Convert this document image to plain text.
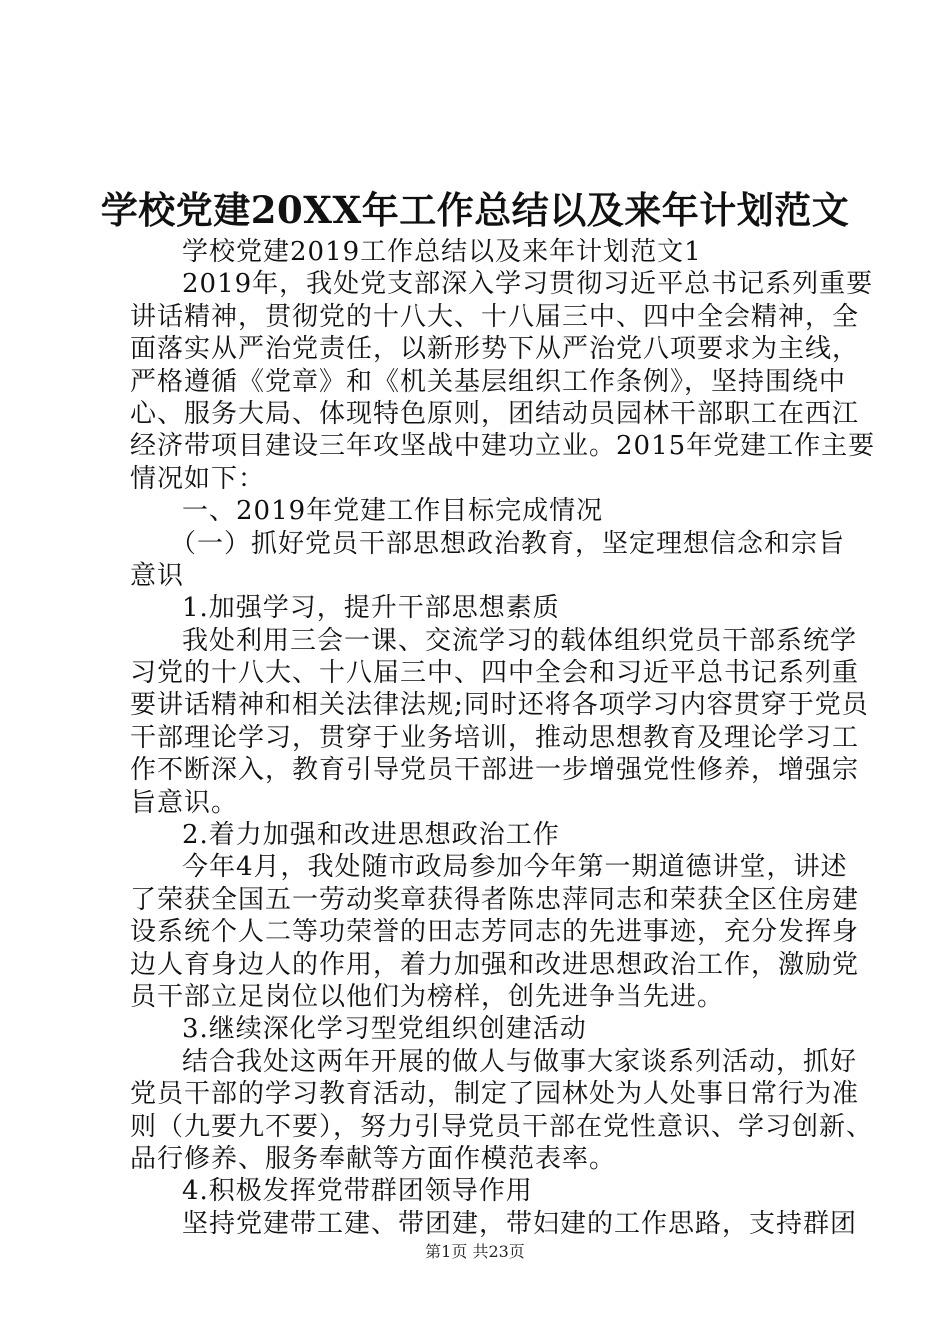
学校党建20XX年工作总结以及来年计划范文
学校党建2019工作总结以及来年计划范文1
2019年，我处党支部深入学习贯彻习近平总书记系列重要
讲话精神，贯彻党的十八大、十八届三中、四中全会精神，全
面落实从严治党责任，以新形势下从严治党八项要求为主线，
严格遵循《党章》和《机关基层组织工作条例》，坚持围绕中
心、服务大局、体现特色原则，团结动员园林干部职工在西江
经济带项目建设三年攻坚战中建功立业。2015年党建工作主要
情况如下：
一、2019年党建工作目标完成情况
（一）抓好党员干部思想政治教育，坚定理想信念和宗旨
意识
1.加强学习，提升干部思想素质
我处利用三会一课、交流学习的载体组织党员干部系统学
习党的十八大、十八届三中、四中全会和习近平总书记系列重
要讲话精神和相关法律法规;同时还将各项学习内容贯穿于党员
干部理论学习，贯穿于业务培训，推动思想教育及理论学习工
作不断深入，教育引导党员干部进一步增强党性修养，增强宗
旨意识。
2.着力加强和改进思想政治工作
今年4月，我处随市政局参加今年第一期道德讲堂，讲述
了荣获全国五一劳动奖章获得者陈忠萍同志和荣获全区住房建
设系统个人二等功荣誉的田志芳同志的先进事迹，充分发挥身
边人育身边人的作用，着力加强和改进思想政治工作，激励党
员干部立足岗位以他们为榜样，创先进争当先进。
3.继续深化学习型党组织创建活动
结合我处这两年开展的做人与做事大家谈系列活动，抓好
党员干部的学习教育活动，制定了园林处为人处事日常行为准
则（九要九不要），努力引导党员干部在党性意识、学习创新、
品行修养、服务奉献等方面作模范表率。
4.积极发挥党带群团领导作用
坚持党建带工建、带团建，带妇建的工作思路，支持群团
第1页 共23页
